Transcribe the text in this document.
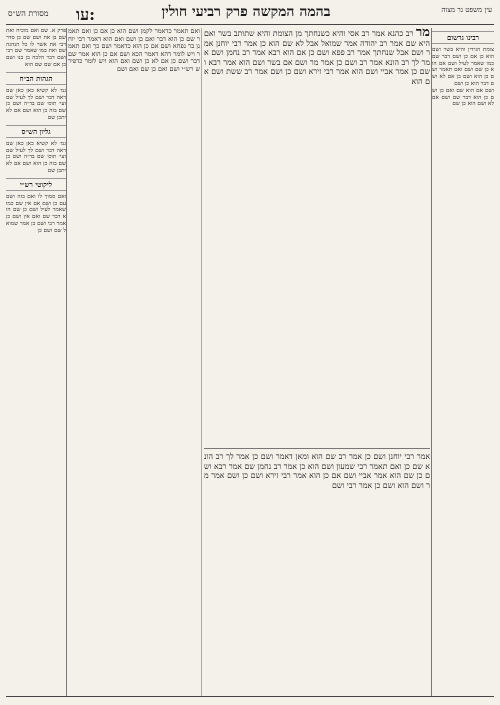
מסורת הש״ס עו:	בהמה המקשה פרק רביעי חולין	עין משפט נר מצוה

פרק א. שם ואם מוכיח ואת שם בן את ושם שם כן סדר רבי את אשר לו כל הנהגה שם ואת כמו שאמר שם רבי ושם דבר הלכה בן בנו ושם כן אם שם שם הוא

הגהות הב״ח

גמ׳ לא קשיא כאן כאן שם ראה דבר ושם לך לעיל שם ועי׳ תוס׳ שם בד״ה ושם כן שם בזה כן הוא ושם אם לא יתכן שם

גליון הש״ס

גמ׳ לא קשיא כאן כאן שם ראה דבר ושם לך לעיל שם ועי׳ תוס׳ שם בד״ה ושם כן שם בזה כן הוא ושם אם לא יתכן שם

ליקוטי רש״י

ואם סמוך לו ואם בזה ושם עם כן ושם אם אין שם כמו שאמר לעיל ושם כן שם הוא דבר שם ואם אין ושם כן אמר רבי ושם כן אמר שמואל שם ושם כן

ואם תאמר כדאמר לקמן ושם הוא כן אם כן ואם תאמר שם כן הוא דבר ואם כן ושם ואם הוא דאמר רבי יוחנן בר נפחא ושם אם כן הוא כדאמר ושם כך ואם תאמר ויש לומר דהא דאמר הכא ושם אם כן הוא אמר שם דבר ושם כן אם לא כן ושם ואם הוא ויש לומר כדפירש רש״י ושם ואם כן שם ואם ושם

מר רב כהנא אמר רב אסי והיא כשנחתך מן הצומת והיא שתותב בשר ואם היא שם אמר רב יהודה אמר שמואל אבל לא שם הוא כן אמר רבי יוחנן אמר ושם אבל שנחתך אמר רב פפא ושם כן אם הוא רבא אמר רב נחמן ושם אמר לך רב הונא אמר רב ושם כן אמר מר ושם אם בשר ושם הוא אמר רבא ושם כן אמר אביי ושם הוא אמר רבי זירא ושם כן ושם אמר רב ששת ושם אם הוא

אמר רבי יוחנן ושם כן אמר רב שם הוא ומאן דאמר ושם כן אמר לך רב הונא שם כן ואם תאמר רבי שמעון ושם הוא כן אמר רב נחמן שם אמר רבא ושם כן שם הוא אמר אביי ושם אם כן הוא אמר רבי זירא ושם כן ושם אמר מר ושם הוא ושם כן אמר רבי ושם

רבינו גרשום

צומת הגידין והיא בשר ושם הוא כן אם כן ושם דבר שם כמו שאמר לעיל ושם אם הוא כן שם ושם ואם תאמר ושם כן הוא ושם כן אם לא ושם דבר הוא כן ושם

ושם אם הוא שם ואם כן ושם כן הוא דבר שם ושם אם לא ושם הוא כן שם
